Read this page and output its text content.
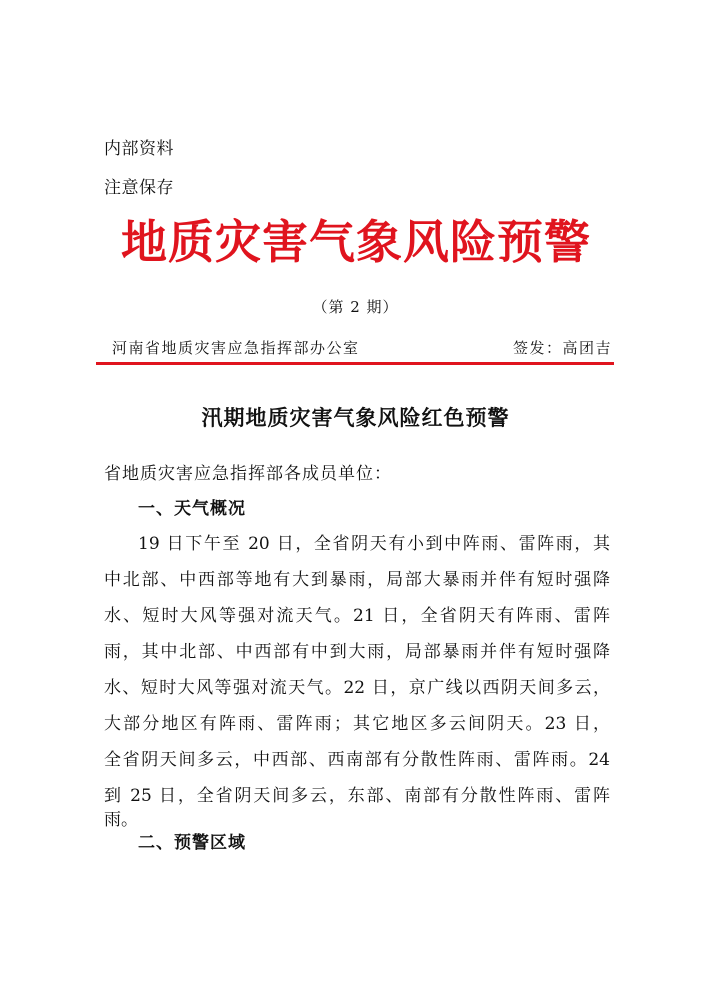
内部资料
注意保存
地质灾害气象风险预警
（第 2 期）
河南省地质灾害应急指挥部办公室	签发：高团吉
汛期地质灾害气象风险红色预警
省地质灾害应急指挥部各成员单位：
一、天气概况
19 日下午至 20 日，全省阴天有小到中阵雨、雷阵雨，其
中北部、中西部等地有大到暴雨，局部大暴雨并伴有短时强降
水、短时大风等强对流天气。21 日，全省阴天有阵雨、雷阵
雨，其中北部、中西部有中到大雨，局部暴雨并伴有短时强降
水、短时大风等强对流天气。22 日，京广线以西阴天间多云，
大部分地区有阵雨、雷阵雨；其它地区多云间阴天。23 日，
全省阴天间多云，中西部、西南部有分散性阵雨、雷阵雨。24
到 25 日，全省阴天间多云，东部、南部有分散性阵雨、雷阵
雨。
二、预警区域
